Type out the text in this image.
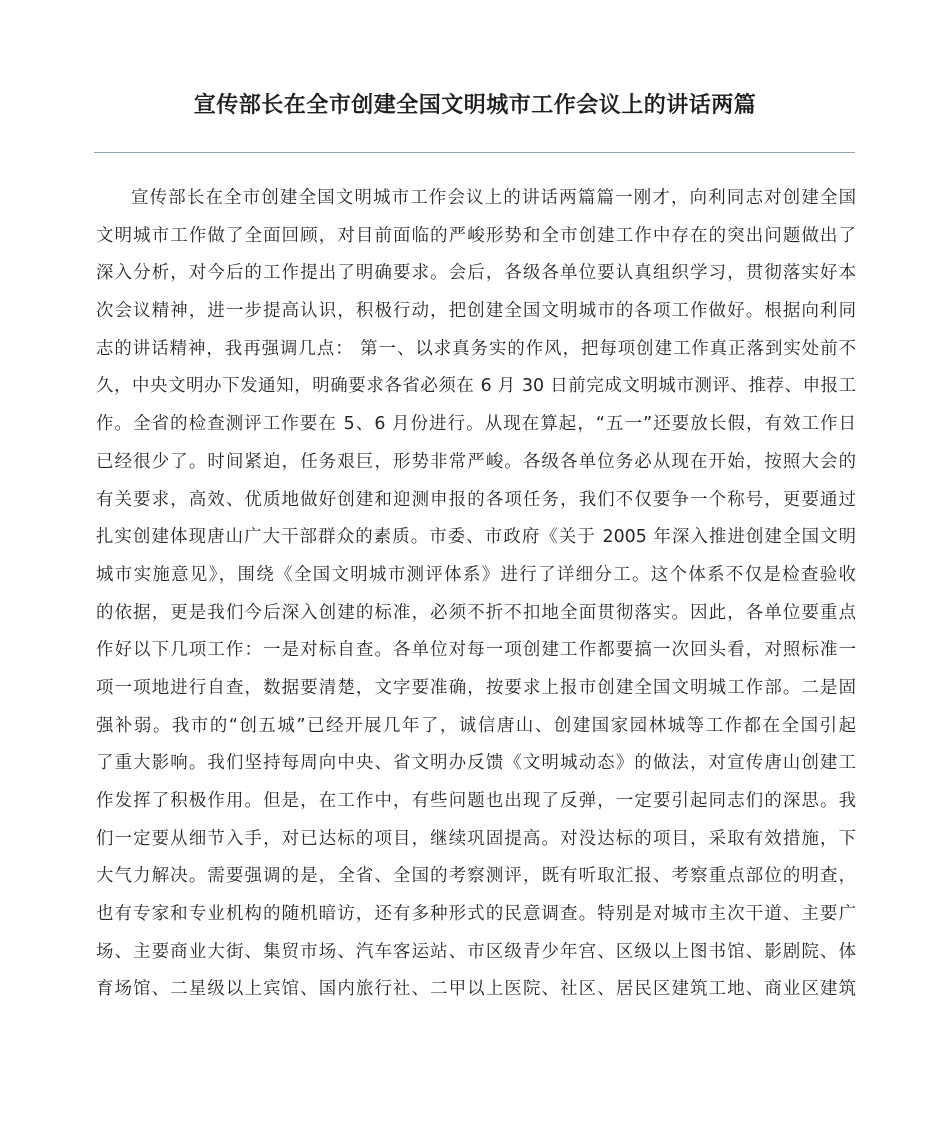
宣传部长在全市创建全国文明城市工作会议上的讲话两篇
宣传部长在全市创建全国文明城市工作会议上的讲话两篇篇一刚才，向利同志对创建全国
文明城市工作做了全面回顾，对目前面临的严峻形势和全市创建工作中存在的突出问题做出了
深入分析，对今后的工作提出了明确要求。会后，各级各单位要认真组织学习，贯彻落实好本
次会议精神，进一步提高认识，积极行动，把创建全国文明城市的各项工作做好。根据向利同
志的讲话精神，我再强调几点： 第一、以求真务实的作风，把每项创建工作真正落到实处前不
久，中央文明办下发通知，明确要求各省必须在 6 月 30 日前完成文明城市测评、推荐、申报工
作。全省的检查测评工作要在 5、6 月份进行。从现在算起，“五一”还要放长假，有效工作日
已经很少了。时间紧迫，任务艰巨，形势非常严峻。各级各单位务必从现在开始，按照大会的
有关要求，高效、优质地做好创建和迎测申报的各项任务，我们不仅要争一个称号，更要通过
扎实创建体现唐山广大干部群众的素质。市委、市政府《关于 2005 年深入推进创建全国文明
城市实施意见》，围绕《全国文明城市测评体系》进行了详细分工。这个体系不仅是检查验收
的依据，更是我们今后深入创建的标准，必须不折不扣地全面贯彻落实。因此，各单位要重点
作好以下几项工作：一是对标自查。各单位对每一项创建工作都要搞一次回头看，对照标准一
项一项地进行自查，数据要清楚，文字要准确，按要求上报市创建全国文明城工作部。二是固
强补弱。我市的“创五城”已经开展几年了，诚信唐山、创建国家园林城等工作都在全国引起
了重大影响。我们坚持每周向中央、省文明办反馈《文明城动态》的做法，对宣传唐山创建工
作发挥了积极作用。但是，在工作中，有些问题也出现了反弹，一定要引起同志们的深思。我
们一定要从细节入手，对已达标的项目，继续巩固提高。对没达标的项目，采取有效措施，下
大气力解决。需要强调的是，全省、全国的考察测评，既有听取汇报、考察重点部位的明查，
也有专家和专业机构的随机暗访，还有多种形式的民意调查。特别是对城市主次干道、主要广
场、主要商业大街、集贸市场、汽车客运站、市区级青少年宫、区级以上图书馆、影剧院、体
育场馆、二星级以上宾馆、国内旅行社、二甲以上医院、社区、居民区建筑工地、商业区建筑
